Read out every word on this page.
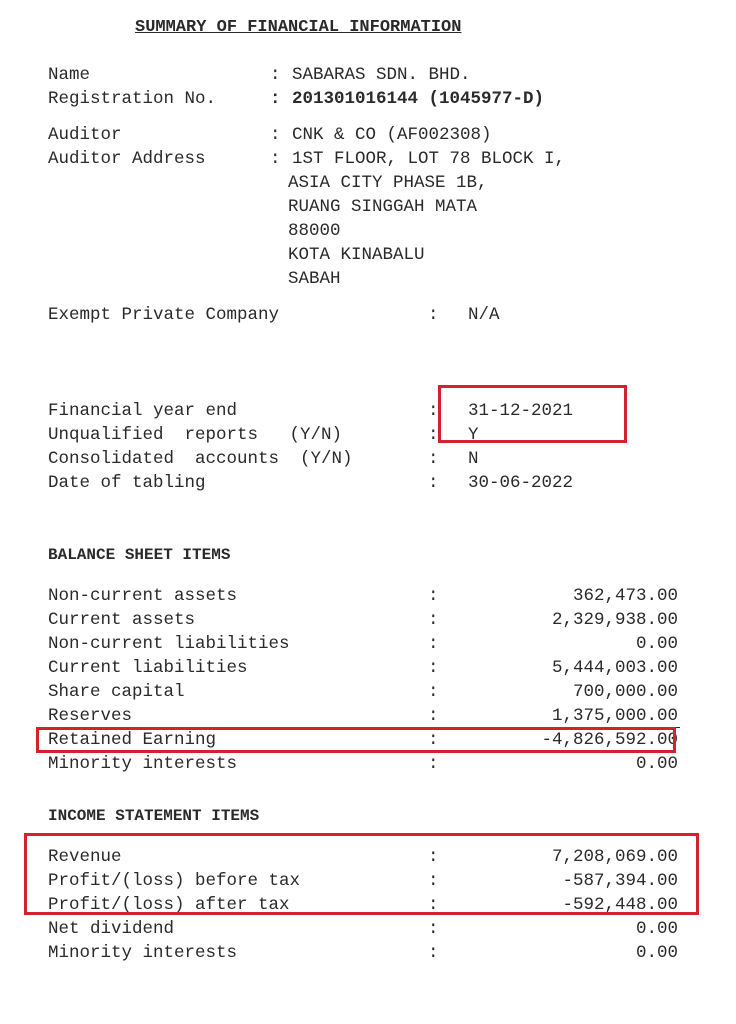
SUMMARY OF FINANCIAL INFORMATION
Name	: SABARAS SDN. BHD.
Registration No.	: 201301016144 (1045977-D)
Auditor	: CNK & CO (AF002308)
Auditor Address	: 1ST FLOOR, LOT 78 BLOCK I,
ASIA CITY PHASE 1B,
RUANG SINGGAH MATA
88000
KOTA KINABALU
SABAH
Exempt Private Company	: N/A
Financial year end	: 31-12-2021
Unqualified  reports   (Y/N)	: Y
Consolidated  accounts  (Y/N)	: N
Date of tabling	: 30-06-2022
BALANCE SHEET ITEMS
Non-current assets	:	362,473.00
Current assets	:	2,329,938.00
Non-current liabilities	:	0.00
Current liabilities	:	5,444,003.00
Share capital	:	700,000.00
Reserves	:	1,375,000.00
Retained Earning	:	-4,826,592.00
Minority interests	:	0.00
INCOME STATEMENT ITEMS
Revenue	:	7,208,069.00
Profit/(loss) before tax	:	-587,394.00
Profit/(loss) after tax	:	-592,448.00
Net dividend	:	0.00
Minority interests	:	0.00
